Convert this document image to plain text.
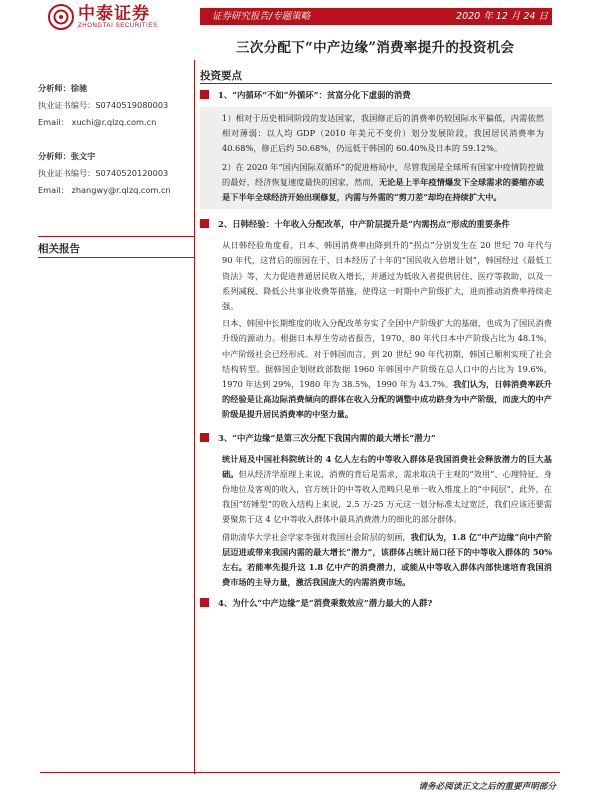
中泰证券
ZHONGTAI SECURITIES
证券研究报告/专题策略	2020 年 12 月 24 日
三次分配下“中产边缘”消费率提升的投资机会
分析师：徐驰
执业证书编号：S0740519080003
Email： xuchi@r.qlzq.com.cn
分析师：张文宇
执业证书编号：S0740520120003
Email： zhangwy@r.qlzq.com.cn
相关报告
投资要点
1、“内循环”不如“外循环”：贫富分化下虚弱的消费
1）相对于历史相同阶段的发达国家，我国修正后的消费率仍较国际水平偏低，内需依然相对薄弱：以人均 GDP（2010 年美元不变价）划分发展阶段，我国居民消费率为 40.68%，修正后约 50.68%，仍远低于韩国的 60.40%及日本的 59.12%。
2）在 2020 年“国内国际双循环”的促进格局中，尽管我国是全球所有国家中疫情防控做的最好，经济恢复速度最快的国家，然而，无论是上半年疫情爆发下全球需求的萎缩亦或是下半年全球经济开始出现修复，内需与外需的“剪刀差”却均在持续扩大中。
2、日韩经验：十年收入分配改革，中产阶层提升是“内需拐点”形成的重要条件
从日韩经验角度看，日本、韩国消费率由降到升的“拐点”分别发生在 20 世纪 70 年代与 90 年代，这背后的原因在于，日本经历了十年的“国民收入倍增计划”，韩国经过《最低工资法》等，大力促进普通居民收入增长，并通过为低收入者提供居住、医疗等救助，以及一系列减税、降低公共事业收费等措施，使得这一时期中产阶级扩大，进而推动消费率持续走强。
日本、韩国中长期维度的收入分配改革夯实了全国中产阶级扩大的基础，也成为了国民消费升级的源动力。根据日本厚生劳动省报告，1970、80 年代日本中产阶级占比为 48.1%，中产阶级社会已经形成。对于韩国而言，到 20 世纪 90 年代初期，韩国已顺利实现了社会结构转型。据韩国企划财政部数据 1960 年韩国中产阶级在总人口中的占比为 19.6%，1970 年达到 29%，1980 年为 38.5%，1990 年为 43.7%。我们认为，日韩消费率跃升的经验是让高边际消费倾向的群体在收入分配的调整中成功跻身为中产阶级，而庞大的中产阶级是提升居民消费率的中坚力量。
3、“中产边缘”是第三次分配下我国内需的最大增长“潜力”
统计局及中国社科院统计的 4 亿人左右的中等收入群体是我国消费社会释放潜力的巨大基础。但从经济学原理上来说，消费的背后是需求，需求取决于主观的“效用”、心理特征、身份地位及客观的收入，官方统计的中等收入范畴只是单一收入维度上的“中间层”，此外，在我国“纺锤型”的收入结构上来说，2.5 万-25 万元这一划分标准太过宽泛，我们应该还要需要聚焦于这 4 亿中等收入群体中最具消费潜力的细化的部分群体。
借助清华大学社会学家李强对我国社会阶层的刻画，我们认为，1.8 亿“中产边缘”向中产阶层迈进或带来我国内需的最大增长“潜力”，该群体占统计局口径下的中等收入群体的 50%左右。若能率先提升这 1.8 亿中产的消费潜力，或能从中等收入群体内部快速培育我国消费市场的主导力量，激活我国庞大的内需消费市场。
4、为什么“中产边缘”是“消费乘数效应”潜力最大的人群?
请务必阅读正文之后的重要声明部分
